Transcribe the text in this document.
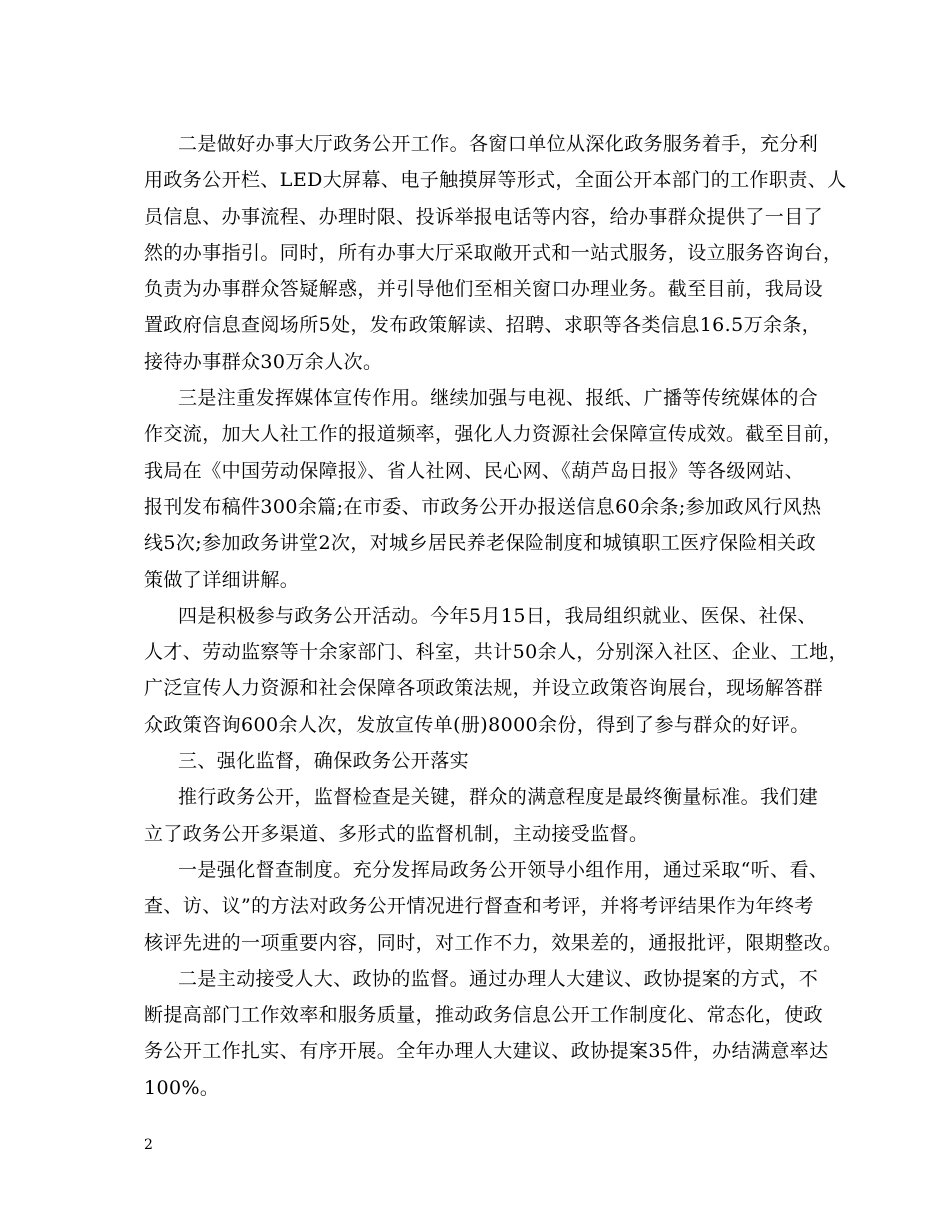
二是做好办事大厅政务公开工作。各窗口单位从深化政务服务着手，充分利
用政务公开栏、LED大屏幕、电子触摸屏等形式，全面公开本部门的工作职责、人
员信息、办事流程、办理时限、投诉举报电话等内容，给办事群众提供了一目了
然的办事指引。同时，所有办事大厅采取敞开式和一站式服务，设立服务咨询台，
负责为办事群众答疑解惑，并引导他们至相关窗口办理业务。截至目前，我局设
置政府信息查阅场所5处，发布政策解读、招聘、求职等各类信息16.5万余条，
接待办事群众30万余人次。
三是注重发挥媒体宣传作用。继续加强与电视、报纸、广播等传统媒体的合
作交流，加大人社工作的报道频率，强化人力资源社会保障宣传成效。截至目前，
我局在《中国劳动保障报》、省人社网、民心网、《葫芦岛日报》等各级网站、
报刊发布稿件300余篇;在市委、市政务公开办报送信息60余条;参加政风行风热
线5次;参加政务讲堂2次，对城乡居民养老保险制度和城镇职工医疗保险相关政
策做了详细讲解。
四是积极参与政务公开活动。今年5月15日，我局组织就业、医保、社保、
人才、劳动监察等十余家部门、科室，共计50余人，分别深入社区、企业、工地，
广泛宣传人力资源和社会保障各项政策法规，并设立政策咨询展台，现场解答群
众政策咨询600余人次，发放宣传单(册)8000余份，得到了参与群众的好评。
三、强化监督，确保政务公开落实
推行政务公开，监督检查是关键，群众的满意程度是最终衡量标准。我们建
立了政务公开多渠道、多形式的监督机制，主动接受监督。
一是强化督查制度。充分发挥局政务公开领导小组作用，通过采取“听、看、
查、访、议”的方法对政务公开情况进行督查和考评，并将考评结果作为年终考
核评先进的一项重要内容，同时，对工作不力，效果差的，通报批评，限期整改。
二是主动接受人大、政协的监督。通过办理人大建议、政协提案的方式，不
断提高部门工作效率和服务质量，推动政务信息公开工作制度化、常态化，使政
务公开工作扎实、有序开展。全年办理人大建议、政协提案35件，办结满意率达
100%。
2
